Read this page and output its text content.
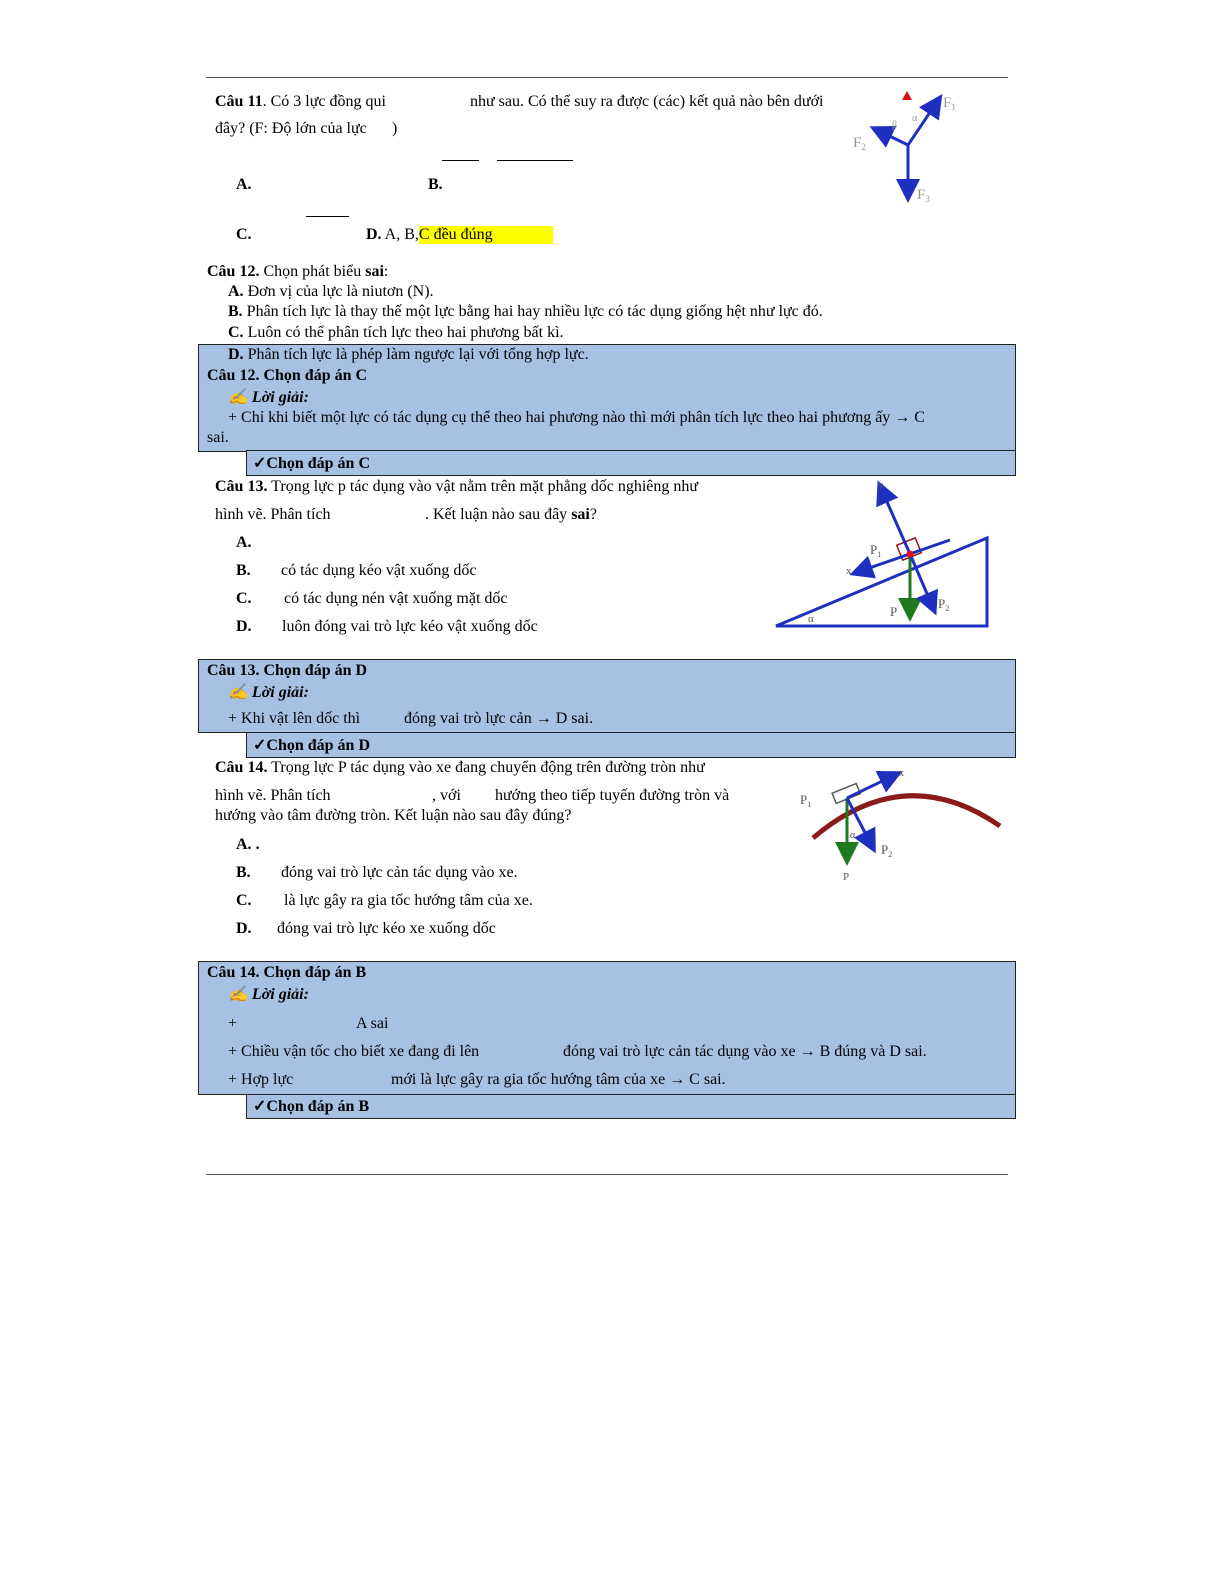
Câu 11. Có 3 lực đồng qui	như sau. Có thể suy ra được (các) kết quả nào bên dưới
đây? (F: Độ lớn của lực )
A.	B.
C.	D. A, B,C đều đúng
$F_1$
$F_2$
$F_3$
α
β
Câu 12. Chọn phát biểu sai:
A. Đơn vị của lực là niutơn (N).
B. Phân tích lực là thay thế một lực bằng hai hay nhiều lực có tác dụng giống hệt như lực đó.
C. Luôn có thể phân tích lực theo hai phương bất kì.
D. Phân tích lực là phép làm ngược lại với tổng hợp lực.
Câu 12. Chọn đáp án C
✍ Lời giải:
+ Chỉ khi biết một lực có tác dụng cụ thể theo hai phương nào thì mới phân tích lực theo hai phương ấy → C
sai.
✓Chọn đáp án C
Câu 13. Trọng lực p tác dụng vào vật nằm trên mặt phẳng dốc nghiêng như
hình vẽ. Phân tích	. Kết luận nào sau đây sai?
A.
B. có tác dụng kéo vật xuống dốc
C. có tác dụng nén vật xuống mặt dốc
D. luôn đóng vai trò lực kéo vật xuống dốc
y
x
$P_1$
P
$P_2$
α
Câu 13. Chọn đáp án D
✍ Lời giải:
+ Khi vật lên dốc thì	đóng vai trò lực cản → D sai.
✓Chọn đáp án D
Câu 14. Trọng lực P tác dụng vào xe đang chuyển động trên đường tròn như
hình vẽ. Phân tích	, với hướng theo tiếp tuyến đường tròn và
hướng vào tâm đường tròn. Kết luận nào sau đây đúng?
A. .
B. đóng vai trò lực cản tác dụng vào xe.
C. là lực gây ra gia tốc hướng tâm của xe.
D. đóng vai trò lực kéo xe xuống dốc
x
$P_1$
$P_2$
P
α
Câu 14. Chọn đáp án B
✍ Lời giải:
+	A sai
+ Chiều vận tốc cho biết xe đang đi lên	đóng vai trò lực cản tác dụng vào xe → B đúng và D sai.
+ Hợp lực	mới là lực gây ra gia tốc hướng tâm của xe → C sai.
✓Chọn đáp án B
